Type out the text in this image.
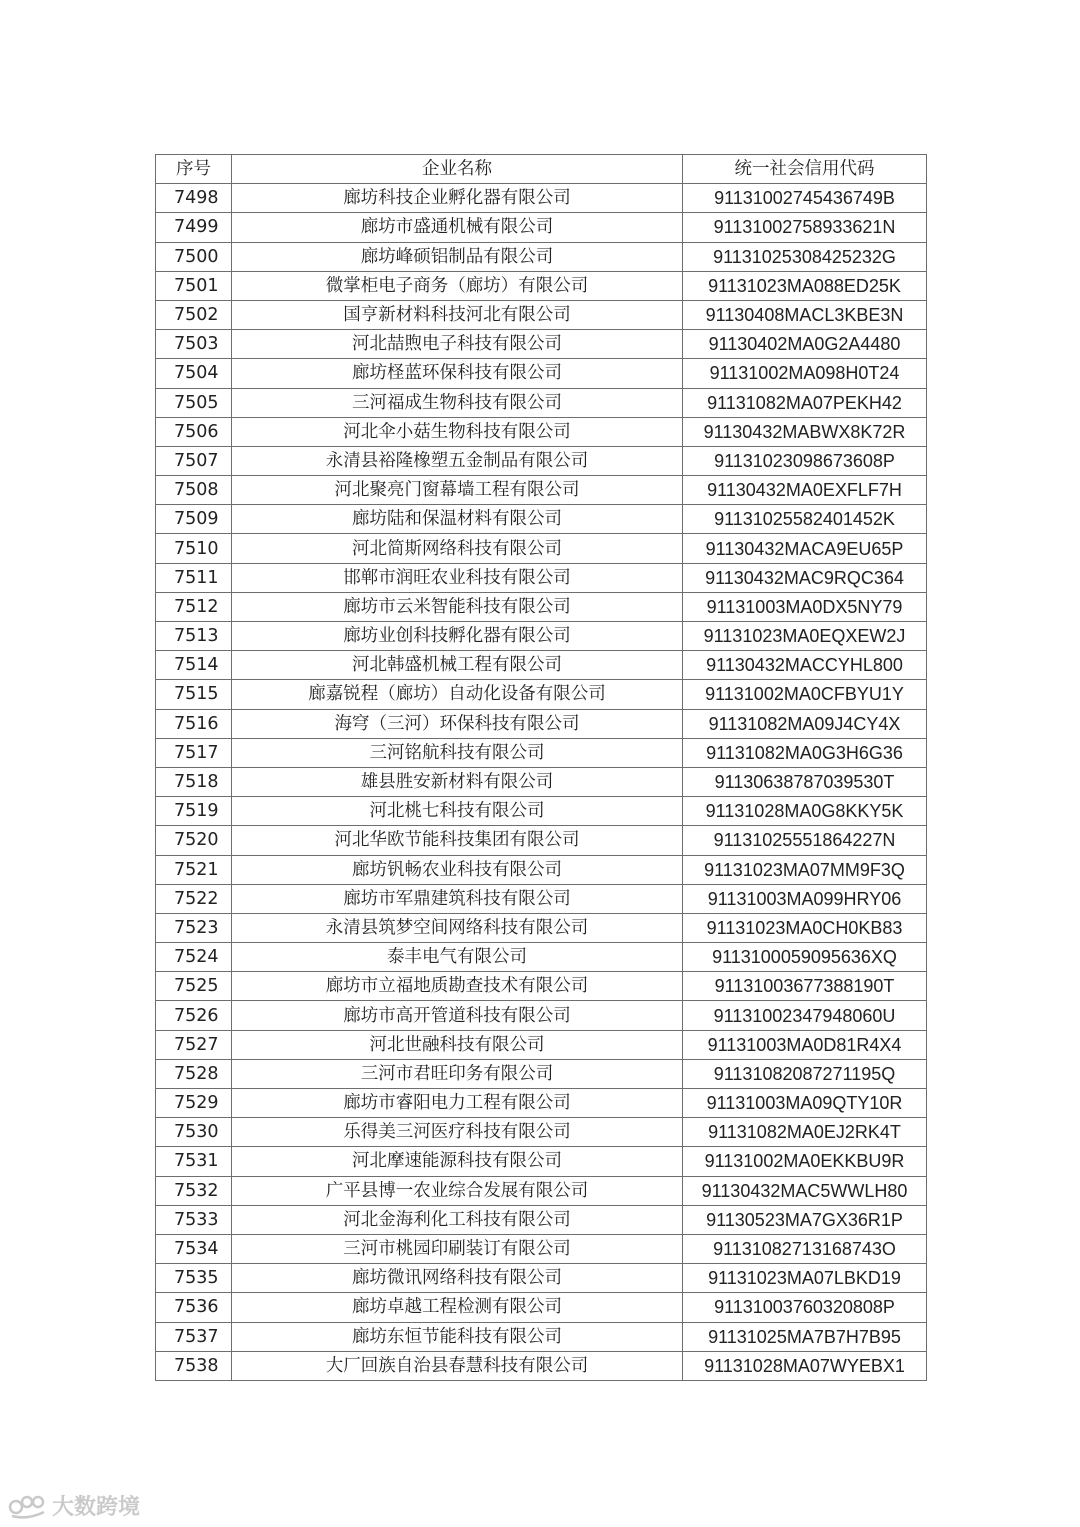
序号	企业名称	统一社会信用代码
7498	廊坊科技企业孵化器有限公司	91131002745436749B
7499	廊坊市盛通机械有限公司	91131002758933621N
7500	廊坊峰硕铝制品有限公司	91131025308425232G
7501	微掌柜电子商务（廊坊）有限公司	91131023MA088ED25K
7502	国亨新材料科技河北有限公司	91130408MACL3KBE3N
7503	河北喆煦电子科技有限公司	91130402MA0G2A4480
7504	廊坊柽蓝环保科技有限公司	91131002MA098H0T24
7505	三河福成生物科技有限公司	91131082MA07PEKH42
7506	河北伞小菇生物科技有限公司	91130432MABWX8K72R
7507	永清县裕隆橡塑五金制品有限公司	91131023098673608P
7508	河北聚亮门窗幕墙工程有限公司	91130432MA0EXFLF7H
7509	廊坊陆和保温材料有限公司	91131025582401452K
7510	河北简斯网络科技有限公司	91130432MACA9EU65P
7511	邯郸市润旺农业科技有限公司	91130432MAC9RQC364
7512	廊坊市云米智能科技有限公司	91131003MA0DX5NY79
7513	廊坊业创科技孵化器有限公司	91131023MA0EQXEW2J
7514	河北韩盛机械工程有限公司	91130432MACCYHL800
7515	廊嘉锐程（廊坊）自动化设备有限公司	91131002MA0CFBYU1Y
7516	海穹（三河）环保科技有限公司	91131082MA09J4CY4X
7517	三河铭航科技有限公司	91131082MA0G3H6G36
7518	雄县胜安新材料有限公司	91130638787039530T
7519	河北桃七科技有限公司	91131028MA0G8KKY5K
7520	河北华欧节能科技集团有限公司	91131025551864227N
7521	廊坊钒畅农业科技有限公司	91131023MA07MM9F3Q
7522	廊坊市军鼎建筑科技有限公司	91131003MA099HRY06
7523	永清县筑梦空间网络科技有限公司	91131023MA0CH0KB83
7524	泰丰电气有限公司	9113100059095636XQ
7525	廊坊市立福地质勘查技术有限公司	91131003677388190T
7526	廊坊市高开管道科技有限公司	91131002347948060U
7527	河北世融科技有限公司	91131003MA0D81R4X4
7528	三河市君旺印务有限公司	91131082087271195Q
7529	廊坊市睿阳电力工程有限公司	91131003MA09QTY10R
7530	乐得美三河医疗科技有限公司	91131082MA0EJ2RK4T
7531	河北摩速能源科技有限公司	91131002MA0EKKBU9R
7532	广平县博一农业综合发展有限公司	91130432MAC5WWLH80
7533	河北金海利化工科技有限公司	91130523MA7GX36R1P
7534	三河市桃园印刷装订有限公司	91131082713168743O
7535	廊坊微讯网络科技有限公司	91131023MA07LBKD19
7536	廊坊卓越工程检测有限公司	91131003760320808P
7537	廊坊东恒节能科技有限公司	91131025MA7B7H7B95
7538	大厂回族自治县春慧科技有限公司	91131028MA07WYEBX1
大数跨境
